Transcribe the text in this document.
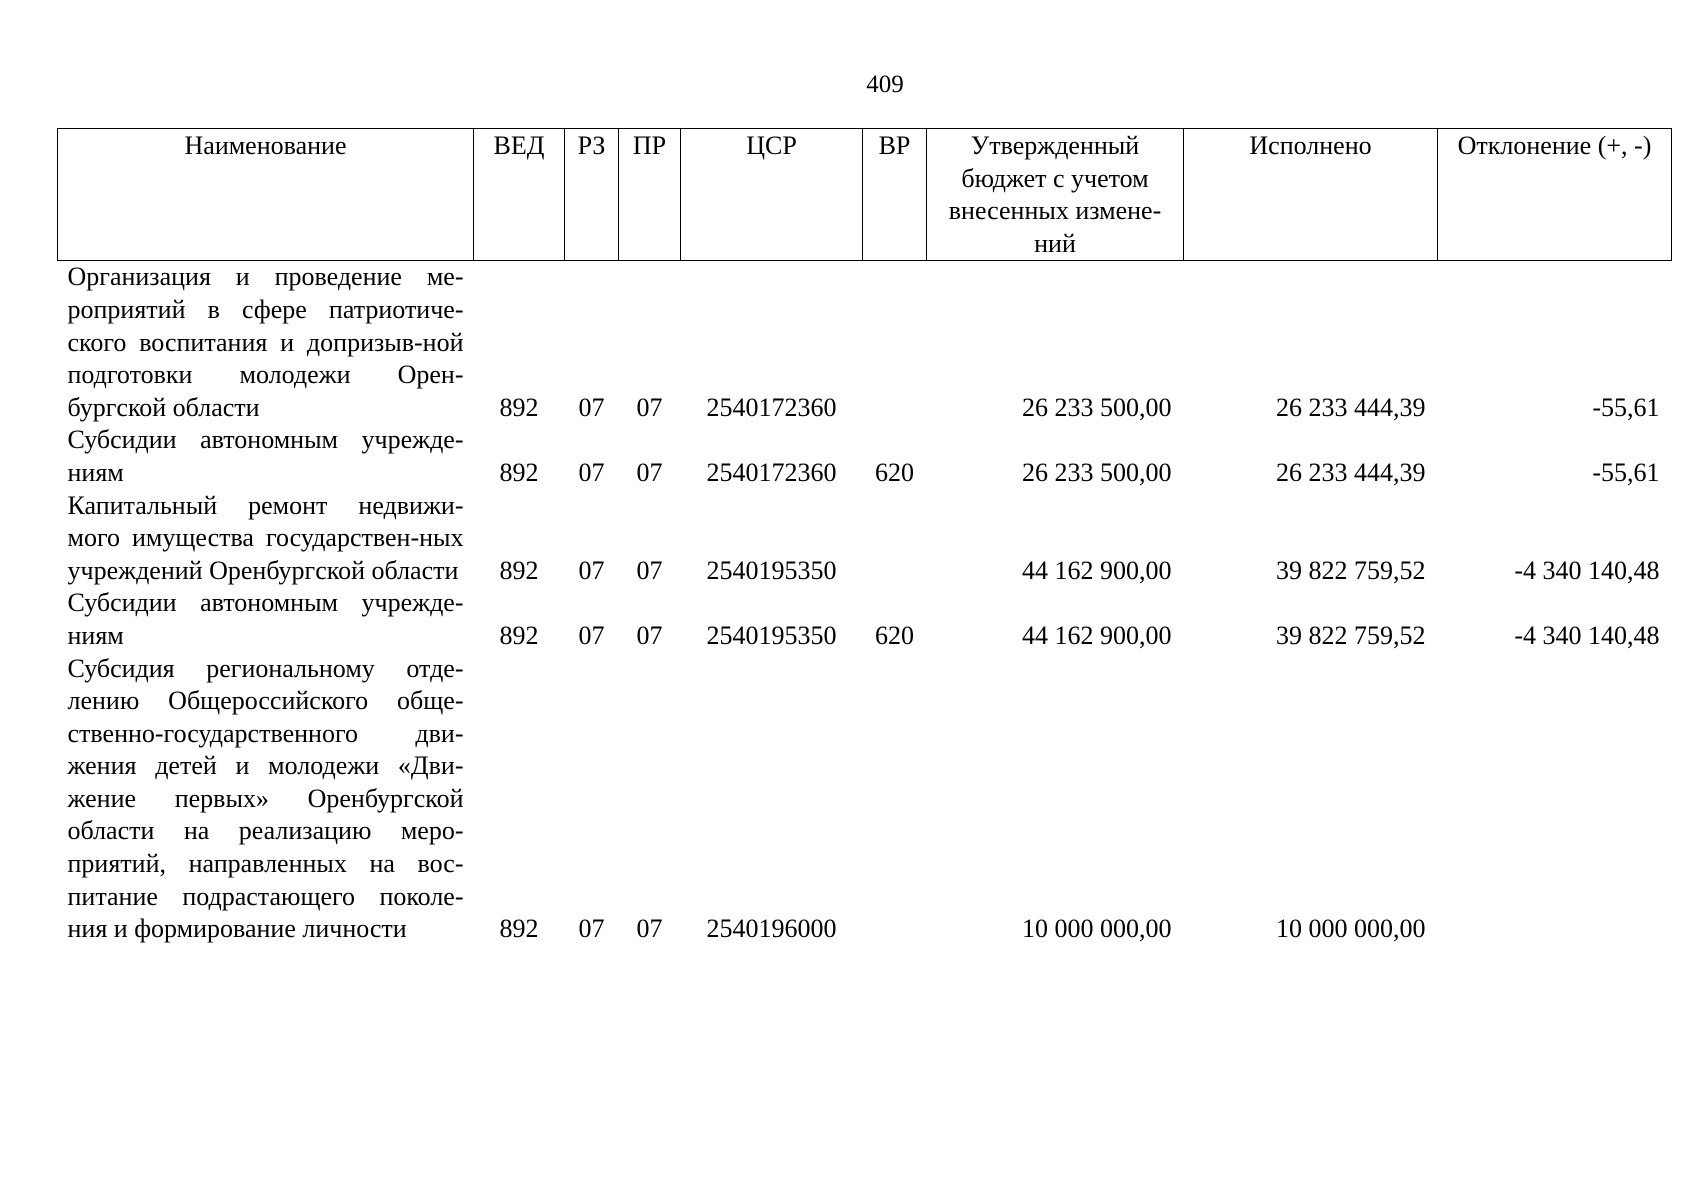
409
Наименование	ВЕД	РЗ	ПР	ЦСР	ВР	Утвержденный бюджет с учетом внесенных измене-ний	Исполнено	Отклонение (+, -)
Организация и проведение ме-роприятий в сфере патриотиче-ского воспитания и допризыв-ной подготовки молодежи Орен-бургской области	892	07	07	2540172360		26 233 500,00	26 233 444,39	-55,61
Субсидии автономным учрежде-ниям	892	07	07	2540172360	620	26 233 500,00	26 233 444,39	-55,61
Капитальный ремонт недвижи-мого имущества государствен-ных учреждений Оренбургской области	892	07	07	2540195350		44 162 900,00	39 822 759,52	-4 340 140,48
Субсидии автономным учрежде-ниям	892	07	07	2540195350	620	44 162 900,00	39 822 759,52	-4 340 140,48
Субсидия региональному отде-лению Общероссийского обще-ственно-государственного дви-жения детей и молодежи «Дви-жение первых» Оренбургской области на реализацию меро-приятий, направленных на вос-питание подрастающего поколе-ния и формирование личности	892	07	07	2540196000		10 000 000,00	10 000 000,00	
